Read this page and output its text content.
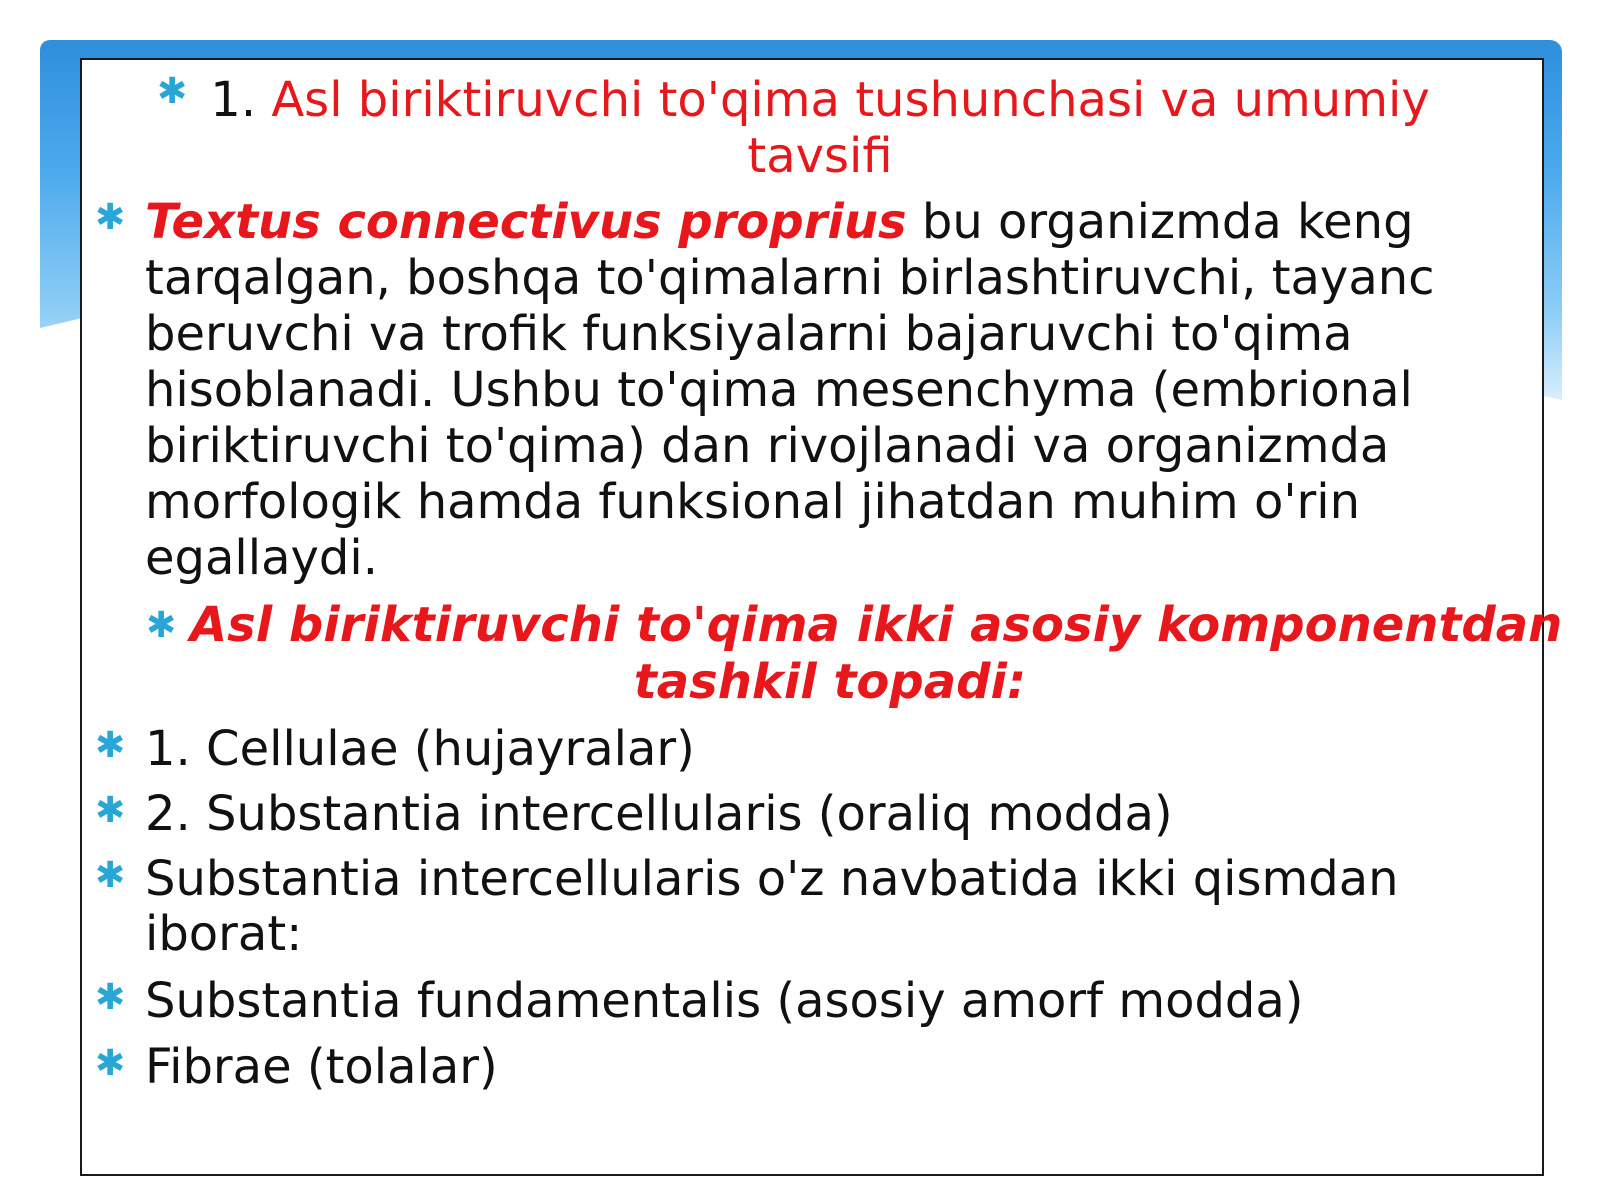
✱ 1. Asl biriktiruvchi to'qima tushunchasi va umumiy
tavsifi
✱ Textus connectivus proprius bu organizmda keng
tarqalgan, boshqa to'qimalarni birlashtiruvchi, tayanc
beruvchi va trofik funksiyalarni bajaruvchi to'qima
hisoblanadi. Ushbu to'qima mesenchyma (embrional
biriktiruvchi to'qima) dan rivojlanadi va organizmda
morfologik hamda funksional jihatdan muhim o'rin
egallaydi.
✱ Asl biriktiruvchi to'qima ikki asosiy komponentdan
tashkil topadi:
✱ 1. Cellulae (hujayralar)
✱ 2. Substantia intercellularis (oraliq modda)
✱ Substantia intercellularis o'z navbatida ikki qismdan
iborat:
✱ Substantia fundamentalis (asosiy amorf modda)
✱ Fibrae (tolalar)
